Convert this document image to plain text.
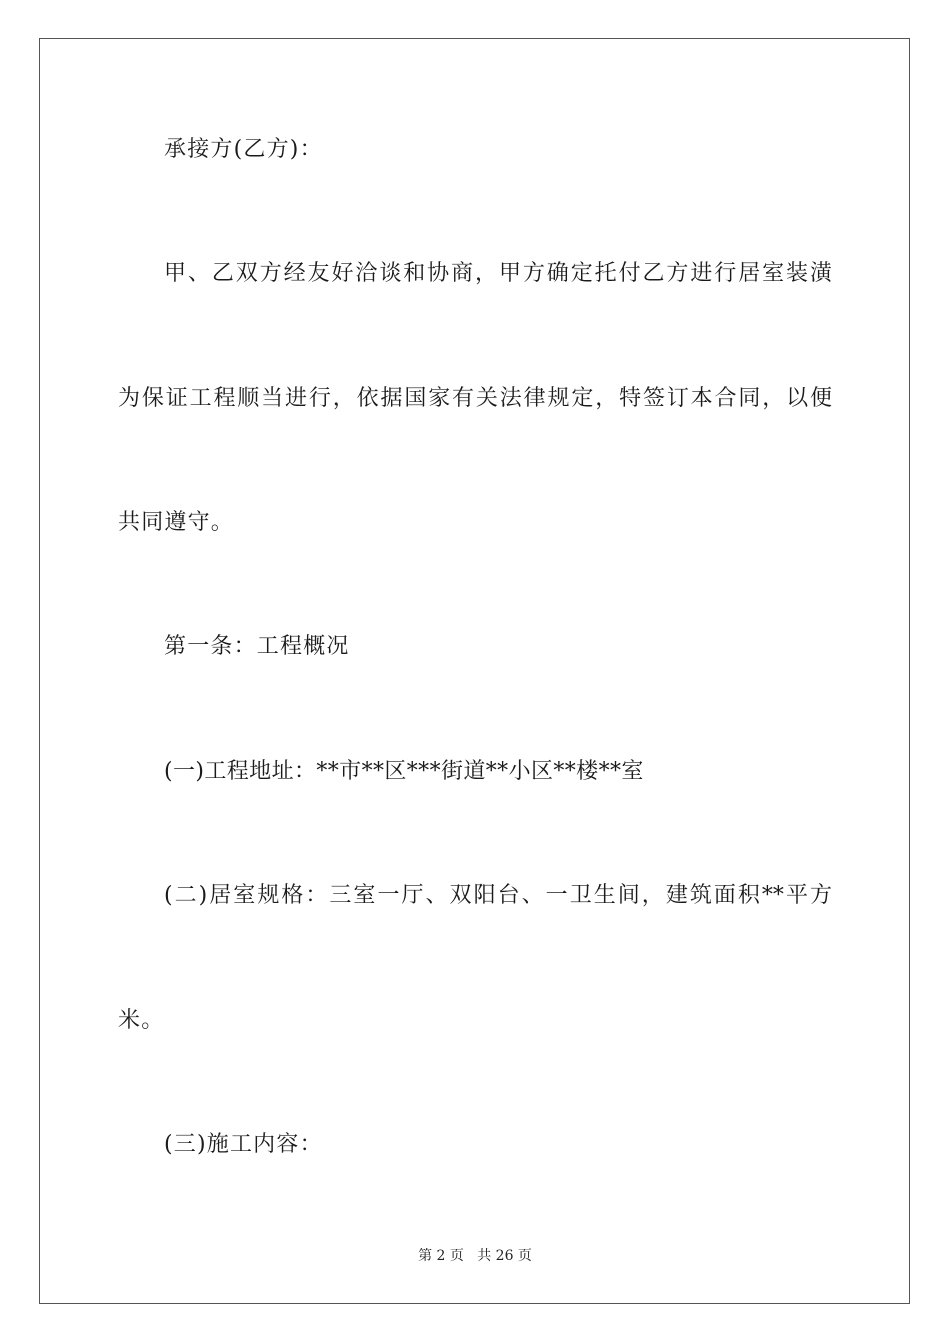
承接方(乙方)：
甲、乙双方经友好洽谈和协商，甲方确定托付乙方进行居室装潢
为保证工程顺当进行，依据国家有关法律规定，特签订本合同，以便
共同遵守。
第一条：工程概况
(一)工程地址：**市**区***街道**小区**楼**室
(二)居室规格：三室一厅、双阳台、一卫生间，建筑面积**平方
米。
(三)施工内容：
第 2 页   共 26 页
